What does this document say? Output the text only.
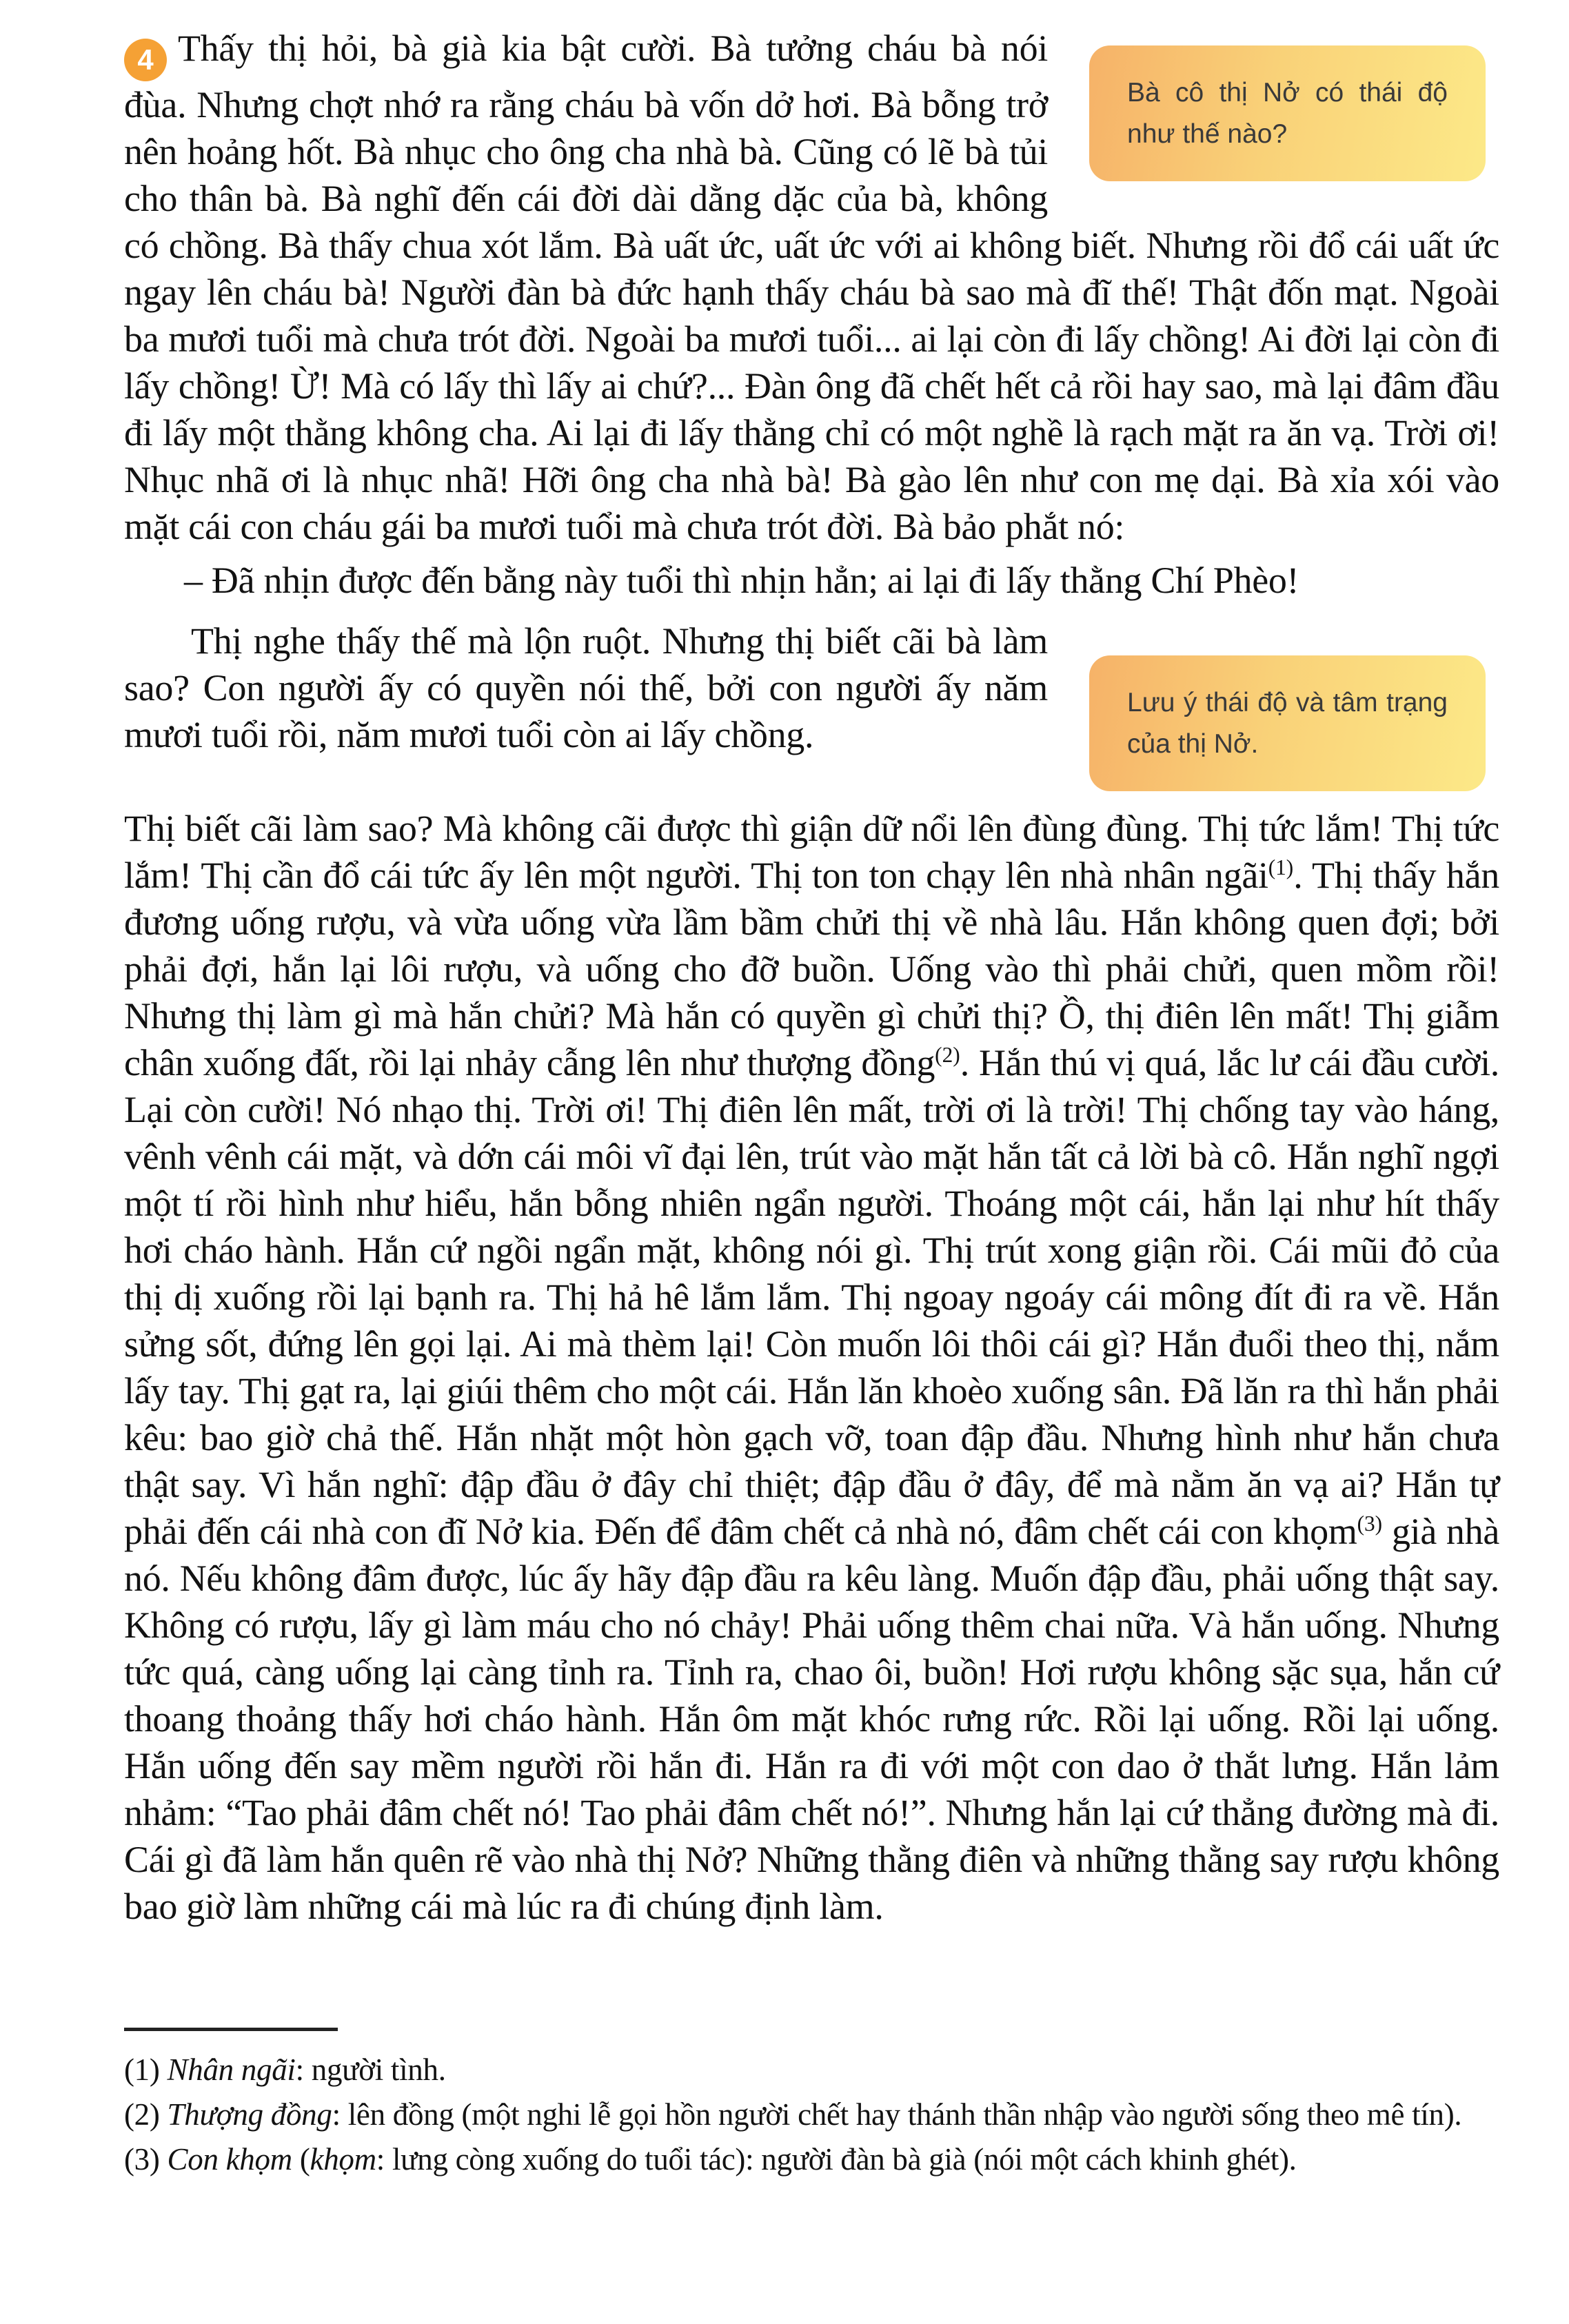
Bà cô thị Nở có thái độ như thế nào?
4 Thấy thị hỏi, bà già kia bật cười. Bà tưởng cháu bà nói đùa. Nhưng chợt nhớ ra rằng cháu bà vốn dở hơi. Bà bỗng trở nên hoảng hốt. Bà nhục cho ông cha nhà bà. Cũng có lẽ bà tủi cho thân bà. Bà nghĩ đến cái đời dài dằng dặc của bà, không có chồng. Bà thấy chua xót lắm. Bà uất ức, uất ức với ai không biết. Nhưng rồi đổ cái uất ức ngay lên cháu bà! Người đàn bà đức hạnh thấy cháu bà sao mà đĩ thế! Thật đốn mạt. Ngoài ba mươi tuổi mà chưa trót đời. Ngoài ba mươi tuổi... ai lại còn đi lấy chồng! Ai đời lại còn đi lấy chồng! Ừ! Mà có lấy thì lấy ai chứ?... Đàn ông đã chết hết cả rồi hay sao, mà lại đâm đầu đi lấy một thằng không cha. Ai lại đi lấy thằng chỉ có một nghề là rạch mặt ra ăn vạ. Trời ơi! Nhục nhã ơi là nhục nhã! Hỡi ông cha nhà bà! Bà gào lên như con mẹ dại. Bà xỉa xói vào mặt cái con cháu gái ba mươi tuổi mà chưa trót đời. Bà bảo phắt nó:

– Đã nhịn được đến bằng này tuổi thì nhịn hẳn; ai lại đi lấy thằng Chí Phèo!

Lưu ý thái độ và tâm trạng của thị Nở.
Thị nghe thấy thế mà lộn ruột. Nhưng thị biết cãi bà làm sao? Con người ấy có quyền nói thế, bởi con người ấy năm mươi tuổi rồi, năm mươi tuổi còn ai lấy chồng.

Thị biết cãi làm sao? Mà không cãi được thì giận dữ nổi lên đùng đùng. Thị tức lắm! Thị tức lắm! Thị cần đổ cái tức ấy lên một người. Thị ton ton chạy lên nhà nhân ngãi$^{(1)}$. Thị thấy hắn đương uống rượu, và vừa uống vừa lầm bầm chửi thị về nhà lâu. Hắn không quen đợi; bởi phải đợi, hắn lại lôi rượu, và uống cho đỡ buồn. Uống vào thì phải chửi, quen mồm rồi! Nhưng thị làm gì mà hắn chửi? Mà hắn có quyền gì chửi thị? Ồ, thị điên lên mất! Thị giẫm chân xuống đất, rồi lại nhảy cẫng lên như thượng đồng$^{(2)}$. Hắn thú vị quá, lắc lư cái đầu cười. Lại còn cười! Nó nhạo thị. Trời ơi! Thị điên lên mất, trời ơi là trời! Thị chống tay vào háng, vênh vênh cái mặt, và dớn cái môi vĩ đại lên, trút vào mặt hắn tất cả lời bà cô. Hắn nghĩ ngợi một tí rồi hình như hiểu, hắn bỗng nhiên ngẩn người. Thoáng một cái, hắn lại như hít thấy hơi cháo hành. Hắn cứ ngồi ngẩn mặt, không nói gì. Thị trút xong giận rồi. Cái mũi đỏ của thị dị xuống rồi lại bạnh ra. Thị hả hê lắm lắm. Thị ngoay ngoáy cái mông đít đi ra về. Hắn sửng sốt, đứng lên gọi lại. Ai mà thèm lại! Còn muốn lôi thôi cái gì? Hắn đuổi theo thị, nắm lấy tay. Thị gạt ra, lại giúi thêm cho một cái. Hắn lăn khoèo xuống sân. Đã lăn ra thì hắn phải kêu: bao giờ chả thế. Hắn nhặt một hòn gạch vỡ, toan đập đầu. Nhưng hình như hắn chưa thật say. Vì hắn nghĩ: đập đầu ở đây chỉ thiệt; đập đầu ở đây, để mà nằm ăn vạ ai? Hắn tự phải đến cái nhà con đĩ Nở kia. Đến để đâm chết cả nhà nó, đâm chết cái con khọm$^{(3)}$ già nhà nó. Nếu không đâm được, lúc ấy hãy đập đầu ra kêu làng. Muốn đập đầu, phải uống thật say. Không có rượu, lấy gì làm máu cho nó chảy! Phải uống thêm chai nữa. Và hắn uống. Nhưng tức quá, càng uống lại càng tỉnh ra. Tỉnh ra, chao ôi, buồn! Hơi rượu không sặc sụa, hắn cứ thoang thoảng thấy hơi cháo hành. Hắn ôm mặt khóc rưng rức. Rồi lại uống. Rồi lại uống. Hắn uống đến say mềm người rồi hắn đi. Hắn ra đi với một con dao ở thắt lưng. Hắn lảm nhảm: “Tao phải đâm chết nó! Tao phải đâm chết nó!”. Nhưng hắn lại cứ thẳng đường mà đi. Cái gì đã làm hắn quên rẽ vào nhà thị Nở? Những thằng điên và những thằng say rượu không bao giờ làm những cái mà lúc ra đi chúng định làm.

(1) Nhân ngãi: người tình.
(2) Thượng đồng: lên đồng (một nghi lễ gọi hồn người chết hay thánh thần nhập vào người sống theo mê tín).
(3) Con khọm (khọm: lưng còng xuống do tuổi tác): người đàn bà già (nói một cách khinh ghét).
